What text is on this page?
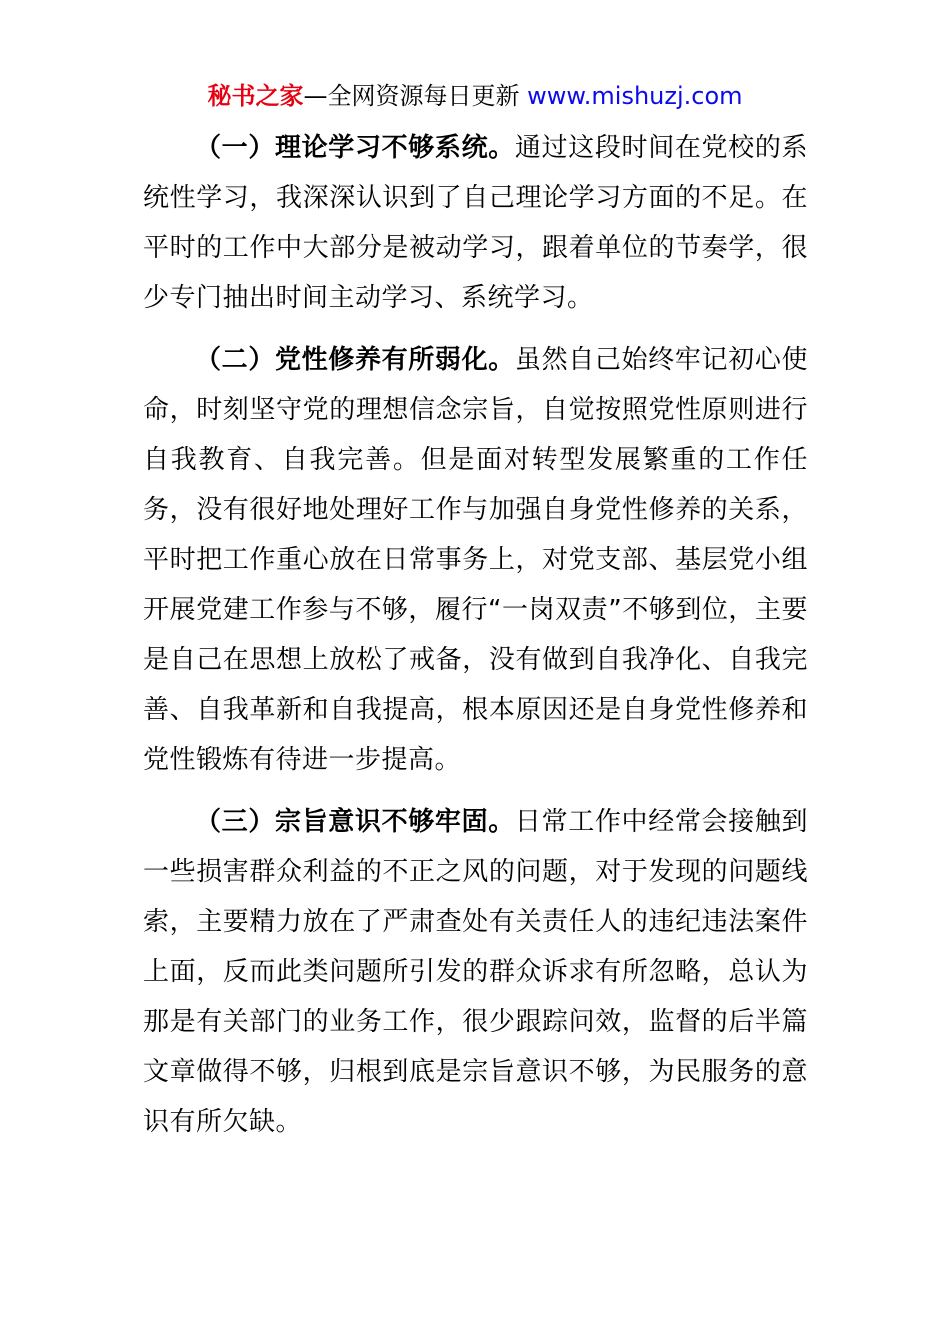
秘书之家—全网资源每日更新 www.mishuzj.com

（一）理论学习不够系统。通过这段时间在党校的系统性学习，我深深认识到了自己理论学习方面的不足。在平时的工作中大部分是被动学习，跟着单位的节奏学，很少专门抽出时间主动学习、系统学习。

（二）党性修养有所弱化。虽然自己始终牢记初心使命，时刻坚守党的理想信念宗旨，自觉按照党性原则进行自我教育、自我完善。但是面对转型发展繁重的工作任务，没有很好地处理好工作与加强自身党性修养的关系，平时把工作重心放在日常事务上，对党支部、基层党小组开展党建工作参与不够，履行“一岗双责”不够到位，主要是自己在思想上放松了戒备，没有做到自我净化、自我完善、自我革新和自我提高，根本原因还是自身党性修养和党性锻炼有待进一步提高。

（三）宗旨意识不够牢固。日常工作中经常会接触到一些损害群众利益的不正之风的问题，对于发现的问题线索，主要精力放在了严肃查处有关责任人的违纪违法案件上面，反而此类问题所引发的群众诉求有所忽略，总认为那是有关部门的业务工作，很少跟踪问效，监督的后半篇文章做得不够，归根到底是宗旨意识不够，为民服务的意识有所欠缺。
